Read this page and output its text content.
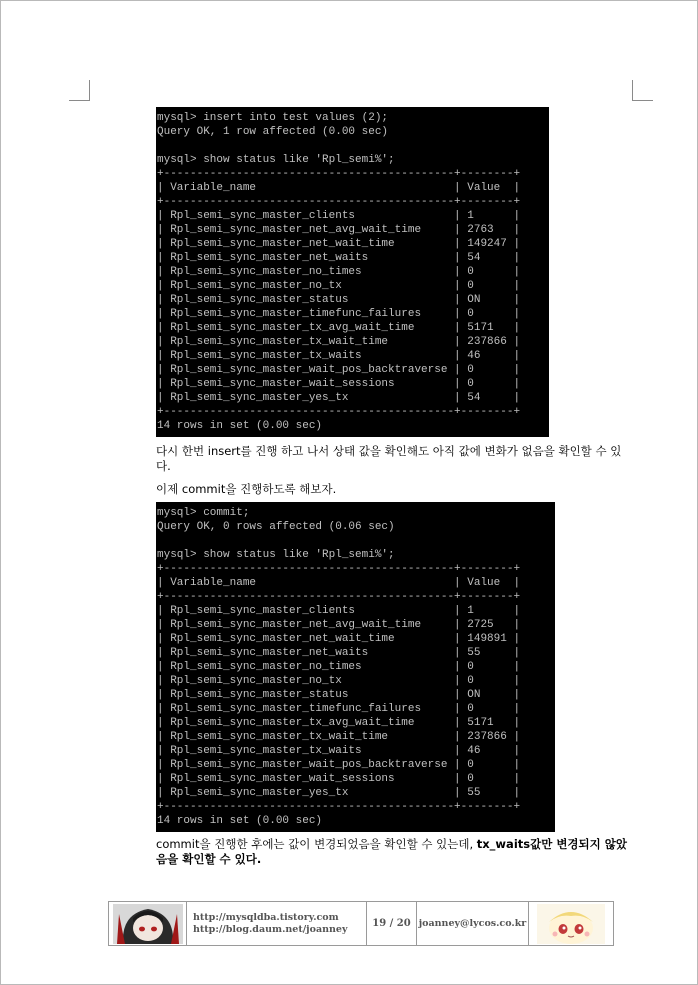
mysql> insert into test values (2);
Query OK, 1 row affected (0.00 sec)
mysql> show status like 'Rpl_semi%';
+--------------------------------------------+--------+
| Variable_name                              | Value  |
+--------------------------------------------+--------+
| Rpl_semi_sync_master_clients               | 1      |
| Rpl_semi_sync_master_net_avg_wait_time     | 2763   |
| Rpl_semi_sync_master_net_wait_time         | 149247 |
| Rpl_semi_sync_master_net_waits             | 54     |
| Rpl_semi_sync_master_no_times              | 0      |
| Rpl_semi_sync_master_no_tx                 | 0      |
| Rpl_semi_sync_master_status                | ON     |
| Rpl_semi_sync_master_timefunc_failures     | 0      |
| Rpl_semi_sync_master_tx_avg_wait_time      | 5171   |
| Rpl_semi_sync_master_tx_wait_time          | 237866 |
| Rpl_semi_sync_master_tx_waits              | 46     |
| Rpl_semi_sync_master_wait_pos_backtraverse | 0      |
| Rpl_semi_sync_master_wait_sessions         | 0      |
| Rpl_semi_sync_master_yes_tx                | 54     |
+--------------------------------------------+--------+
14 rows in set (0.00 sec)
다시 한번 insert를 진행 하고 나서 상태 값을 확인해도 아직 값에 변화가 없음을 확인할 수 있다.
이제 commit을 진행하도록 해보자.
mysql> commit;
Query OK, 0 rows affected (0.06 sec)
mysql> show status like 'Rpl_semi%';
+--------------------------------------------+--------+
| Variable_name                              | Value  |
+--------------------------------------------+--------+
| Rpl_semi_sync_master_clients               | 1      |
| Rpl_semi_sync_master_net_avg_wait_time     | 2725   |
| Rpl_semi_sync_master_net_wait_time         | 149891 |
| Rpl_semi_sync_master_net_waits             | 55     |
| Rpl_semi_sync_master_no_times              | 0      |
| Rpl_semi_sync_master_no_tx                 | 0      |
| Rpl_semi_sync_master_status                | ON     |
| Rpl_semi_sync_master_timefunc_failures     | 0      |
| Rpl_semi_sync_master_tx_avg_wait_time      | 5171   |
| Rpl_semi_sync_master_tx_wait_time          | 237866 |
| Rpl_semi_sync_master_tx_waits              | 46     |
| Rpl_semi_sync_master_wait_pos_backtraverse | 0      |
| Rpl_semi_sync_master_wait_sessions         | 0      |
| Rpl_semi_sync_master_yes_tx                | 55     |
+--------------------------------------------+--------+
14 rows in set (0.00 sec)
commit을 진행한 후에는 값이 변경되었음을 확인할 수 있는데, tx_waits값만 변경되지 않았음을 확인할 수 있다.
http://mysqldba.tistory.com
http://blog.daum.net/joanney 19 / 20 joanney@lycos.co.kr
